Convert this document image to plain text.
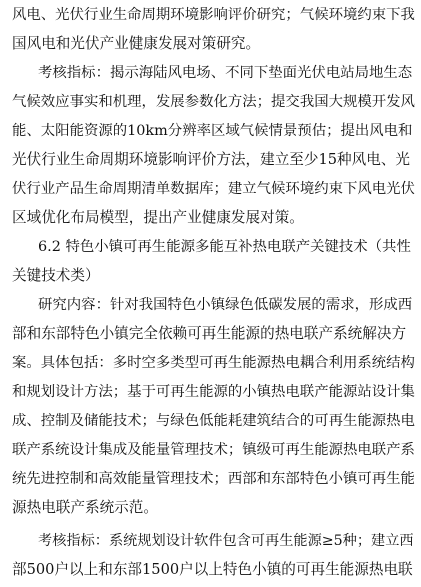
风电、光伏行业生命周期环境影响评价研究；气候环境约束下我
国风电和光伏产业健康发展对策研究。
考核指标：揭示海陆风电场、不同下垫面光伏电站局地生态
气候效应事实和机理，发展参数化方法；提交我国大规模开发风
能、太阳能资源的10km分辨率区域气候情景预估；提出风电和
光伏行业生命周期环境影响评价方法，建立至少15种风电、光
伏行业产品生命周期清单数据库；建立气候环境约束下风电光伏
区域优化布局模型，提出产业健康发展对策。
6.2 特色小镇可再生能源多能互补热电联产关键技术（共性
关键技术类）
研究内容：针对我国特色小镇绿色低碳发展的需求，形成西
部和东部特色小镇完全依赖可再生能源的热电联产系统解决方
案。具体包括：多时空多类型可再生能源热电耦合利用系统结构
和规划设计方法；基于可再生能源的小镇热电联产能源站设计集
成、控制及储能技术；与绿色低能耗建筑结合的可再生能源热电
联产系统设计集成及能量管理技术；镇级可再生能源热电联产系
统先进控制和高效能量管理技术；西部和东部特色小镇可再生能
源热电联产系统示范。
考核指标：系统规划设计软件包含可再生能源≥5种；建立西
部500户以上和东部1500户以上特色小镇的可再生能源热电联
